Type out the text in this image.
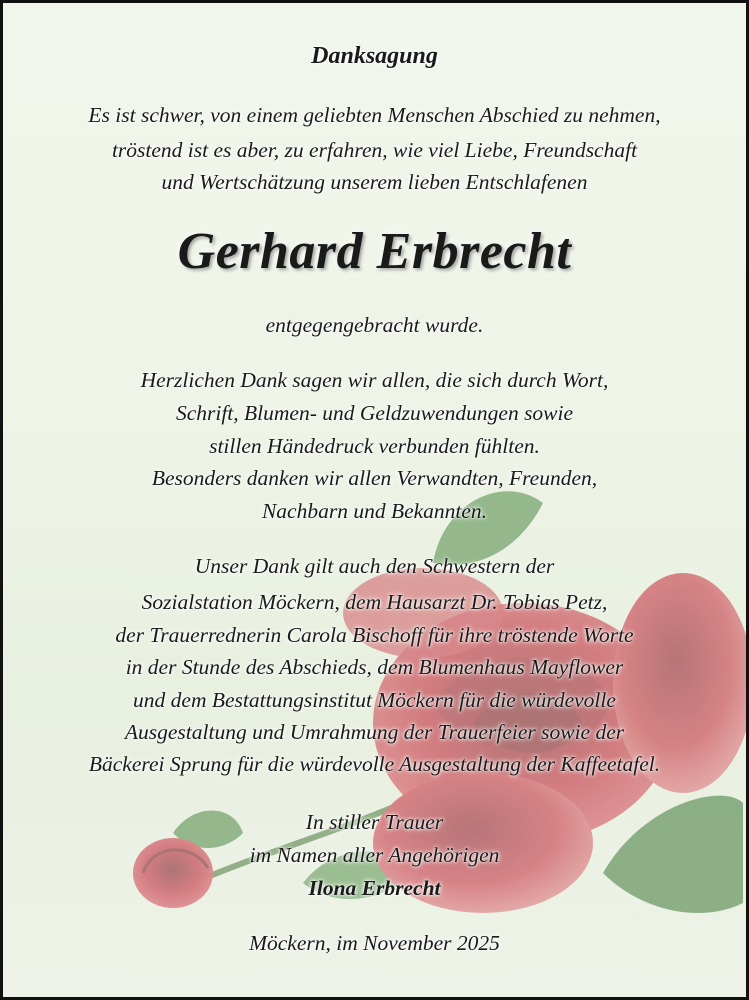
Danksagung
Es ist schwer, von einem geliebten Menschen Abschied zu nehmen,
tröstend ist es aber, zu erfahren, wie viel Liebe, Freundschaft
und Wertschätzung unserem lieben Entschlafenen
Gerhard Erbrecht
entgegengebracht wurde.
Herzlichen Dank sagen wir allen, die sich durch Wort,
Schrift, Blumen- und Geldzuwendungen sowie
stillen Händedruck verbunden fühlten.
Besonders danken wir allen Verwandten, Freunden,
Nachbarn und Bekannten.
Unser Dank gilt auch den Schwestern der
Sozialstation Möckern, dem Hausarzt Dr. Tobias Petz,
der Trauerrednerin Carola Bischoff für ihre tröstende Worte
in der Stunde des Abschieds, dem Blumenhaus Mayflower
und dem Bestattungsinstitut Möckern für die würdevolle
Ausgestaltung und Umrahmung der Trauerfeier sowie der
Bäckerei Sprung für die würdevolle Ausgestaltung der Kaffeetafel.
In stiller Trauer
im Namen aller Angehörigen
Ilona Erbrecht
Möckern, im November 2025
